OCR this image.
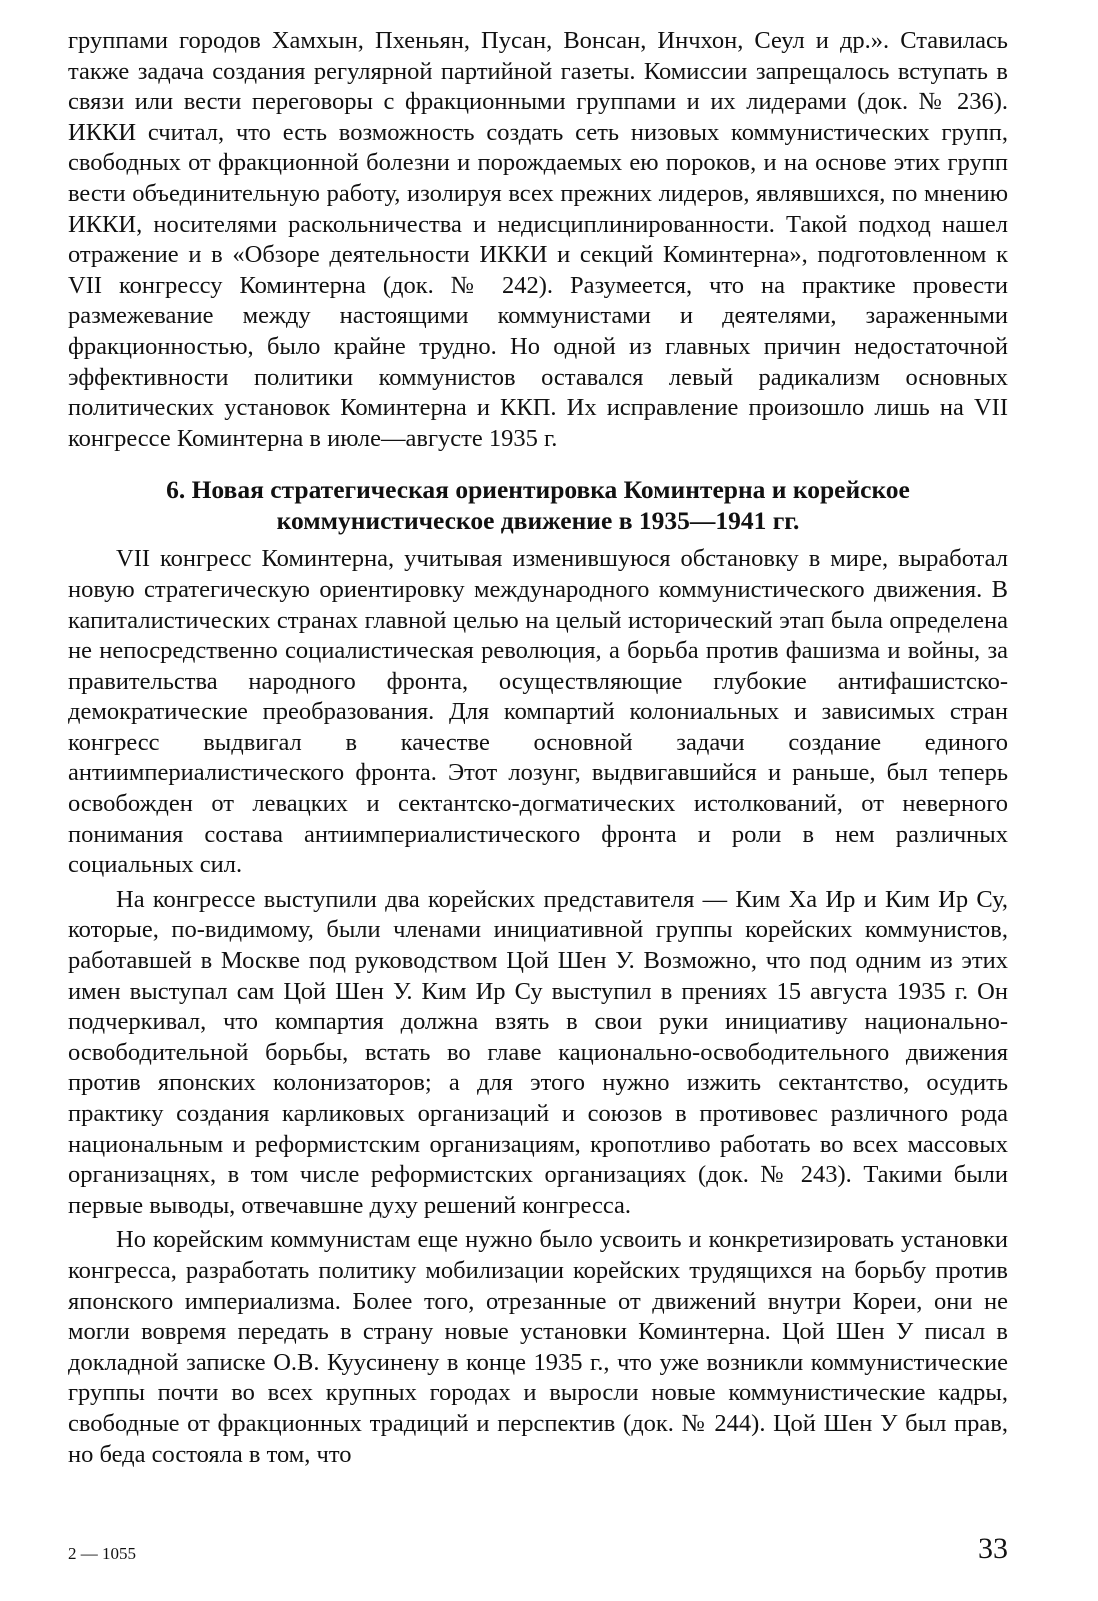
группами городов Хамхын, Пхеньян, Пусан, Вонсан, Инчхон, Сеул и др.». Ставилась также задача создания регулярной партийной газеты. Комиссии запрещалось вступать в связи или вести переговоры с фракционными группами и их лидерами (док. № 236). ИККИ считал, что есть возможность создать сеть низовых коммунистических групп, свободных от фракционной болезни и порождаемых ею пороков, и на основе этих групп вести объединительную работу, изолируя всех прежних лидеров, являвшихся, по мнению ИККИ, носителями раскольничества и недисциплинированности. Такой подход нашел отражение и в «Обзоре деятельности ИККИ и секций Коминтерна», подготовленном к VII конгрессу Коминтерна (док. № 242). Разумеется, что на практике провести размежевание между настоящими коммунистами и деятелями, зараженными фракционностью, было крайне трудно. Но одной из главных причин недостаточной эффективности политики коммунистов оставался левый радикализм основных политических установок Коминтерна и ККП. Их исправление произошло лишь на VII конгрессе Коминтерна в июле—августе 1935 г.

6. Новая стратегическая ориентировка Коминтерна и корейское
коммунистическое движение в 1935—1941 гг.

VII конгресс Коминтерна, учитывая изменившуюся обстановку в мире, выработал новую стратегическую ориентировку международного коммунистического движения. В капиталистических странах главной целью на целый исторический этап была определена не непосредственно социалистическая революция, а борьба против фашизма и войны, за правительства народного фронта, осуществляющие глубокие антифашистско-демократические преобразования. Для компартий колониальных и зависимых стран конгресс выдвигал в качестве основной задачи создание единого антиимпериалистического фронта. Этот лозунг, выдвигавшийся и раньше, был теперь освобожден от левацких и сектантско-догматических истолкований, от неверного понимания состава антиимпериалистического фронта и роли в нем различных социальных сил.

На конгрессе выступили два корейских представителя — Ким Ха Ир и Ким Ир Су, которые, по-видимому, были членами инициативной группы корейских коммунистов, работавшей в Москве под руководством Цой Шен У. Возможно, что под одним из этих имен выступал сам Цой Шен У. Ким Ир Су выступил в прениях 15 августа 1935 г. Он подчеркивал, что компартия должна взять в свои руки инициативу национально-освободительной борьбы, встать во главе кационально-освободительного движения против японских колонизаторов; а для этого нужно изжить сектантство, осудить практику создания карликовых организаций и союзов в противовес различного рода национальным и реформистским организациям, кропотливо работать во всех массовых организацнях, в том числе реформистских организациях (док. № 243). Такими были первые выводы, отвечавшне духу решений конгресса.

Но корейским коммунистам еще нужно было усвоить и конкретизировать установки конгресса, разработать политику мобилизации корейских трудящихся на борьбу против японского империализма. Более того, отрезанные от движений внутри Кореи, они не могли вовремя передать в страну новые установки Коминтерна. Цой Шен У писал в докладной записке О.В. Куусинену в конце 1935 г., что уже возникли коммунистические группы почти во всех крупных городах и выросли новые коммунистические кадры, свободные от фракционных традиций и перспектив (док. № 244). Цой Шен У был прав, но беда состояла в том, что

2 — 1055	33
